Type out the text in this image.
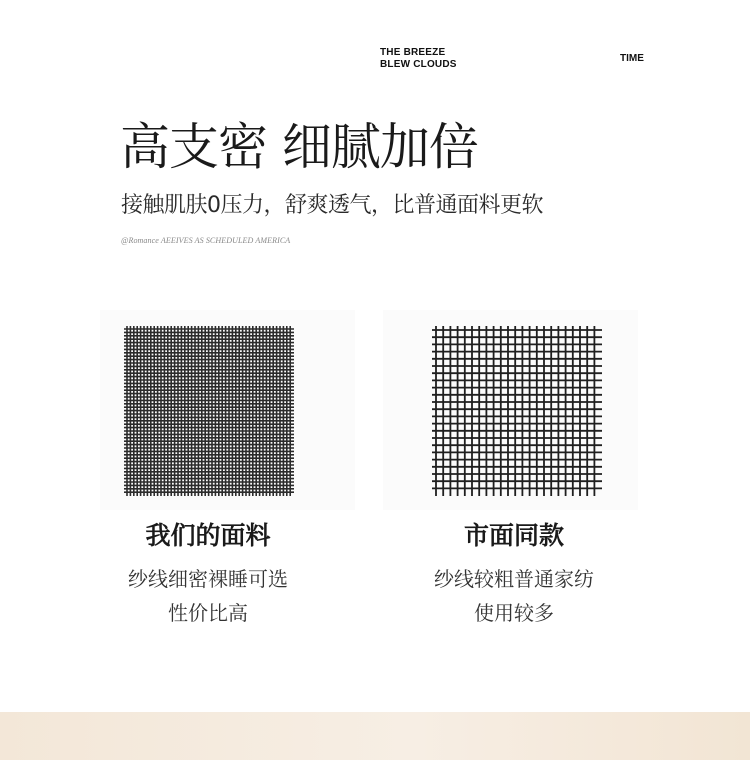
THE BREEZE
BLEW CLOUDS
TIME
高支密 细腻加倍
接触肌肤0压力，舒爽透气，比普通面料更软
@Romance AEEIVES AS SCHEDULED AMERICA
我们的面料
纱线细密裸睡可选
性价比高
市面同款
纱线较粗普通家纺
使用较多
